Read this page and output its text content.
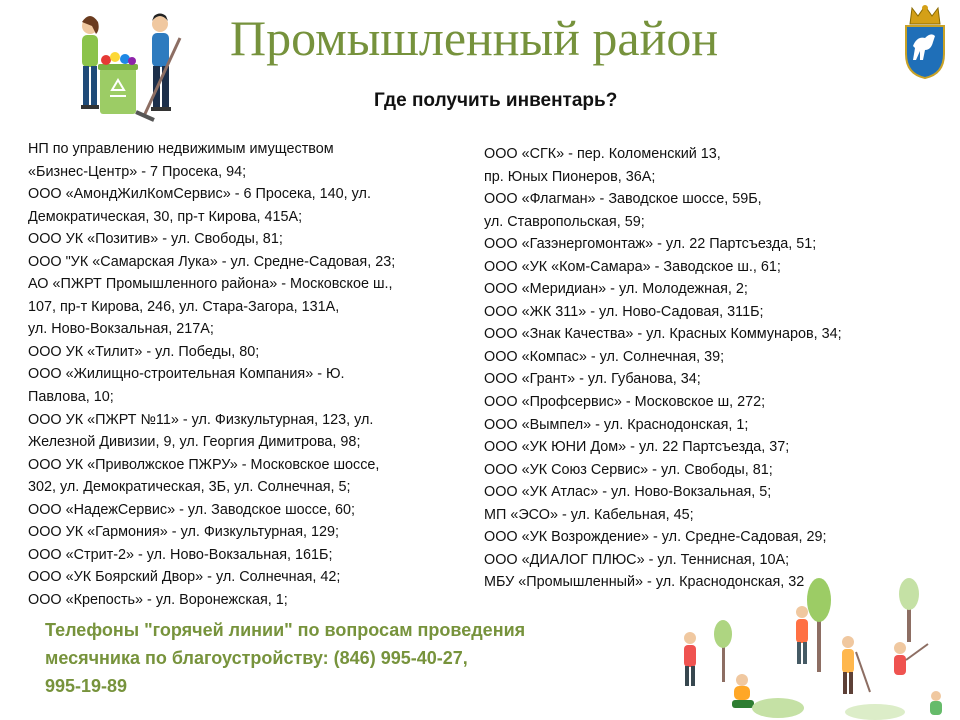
Промышленный район
Где получить инвентарь?
НП по управлению недвижимым имуществом
«Бизнес-Центр» - 7 Просека, 94;
ООО «АмондЖилКомСервис» - 6 Просека, 140, ул.
Демократическая, 30, пр-т Кирова, 415А;
ООО УК «Позитив» - ул. Свободы, 81;
ООО "УК «Самарская Лука» - ул. Средне-Садовая, 23;
АО «ПЖРТ Промышленного района» - Московское ш.,
107, пр-т Кирова, 246, ул. Стара-Загора, 131А,
ул. Ново-Вокзальная, 217А;
ООО УК «Тилит» - ул. Победы, 80;
ООО «Жилищно-строительная Компания» - Ю.
Павлова, 10;
ООО УК «ПЖРТ №11» - ул. Физкультурная, 123, ул.
Железной Дивизии, 9, ул. Георгия Димитрова, 98;
ООО УК «Приволжское ПЖРУ» - Московское шоссе,
302, ул. Демократическая, 3Б, ул. Солнечная, 5;
ООО «НадежСервис» - ул. Заводское шоссе, 60;
ООО УК «Гармония» - ул. Физкультурная, 129;
ООО «Стрит-2» - ул. Ново-Вокзальная, 161Б;
ООО «УК Боярский Двор» - ул. Солнечная, 42;
ООО «Крепость» - ул. Воронежская, 1;
ООО «СГК» - пер. Коломенский 13,
пр. Юных Пионеров, 36А;
ООО «Флагман» - Заводское шоссе, 59Б,
ул. Ставропольская, 59;
ООО «Газэнергомонтаж» - ул. 22 Партсъезда, 51;
ООО «УК «Ком-Самара» - Заводское ш., 61;
ООО «Меридиан» - ул. Молодежная, 2;
ООО «ЖК 311» - ул. Ново-Садовая, 311Б;
ООО «Знак Качества» - ул. Красных Коммунаров, 34;
ООО «Компас» - ул. Солнечная, 39;
ООО «Грант» - ул. Губанова, 34;
ООО «Профсервис» - Московское ш, 272;
ООО «Вымпел» - ул. Краснодонская, 1;
ООО «УК ЮНИ Дом» - ул. 22 Партсъезда, 37;
ООО «УК Союз Сервис» - ул. Свободы, 81;
ООО «УК Атлас» - ул. Ново-Вокзальная, 5;
МП «ЭСО» - ул. Кабельная, 45;
ООО «УК Возрождение» - ул. Средне-Садовая, 29;
ООО «ДИАЛОГ ПЛЮС» - ул. Теннисная, 10А;
МБУ «Промышленный» - ул. Краснодонская, 32
Телефоны "горячей линии" по вопросам проведения
месячника по благоустройству: (846) 995-40-27,
995-19-89
